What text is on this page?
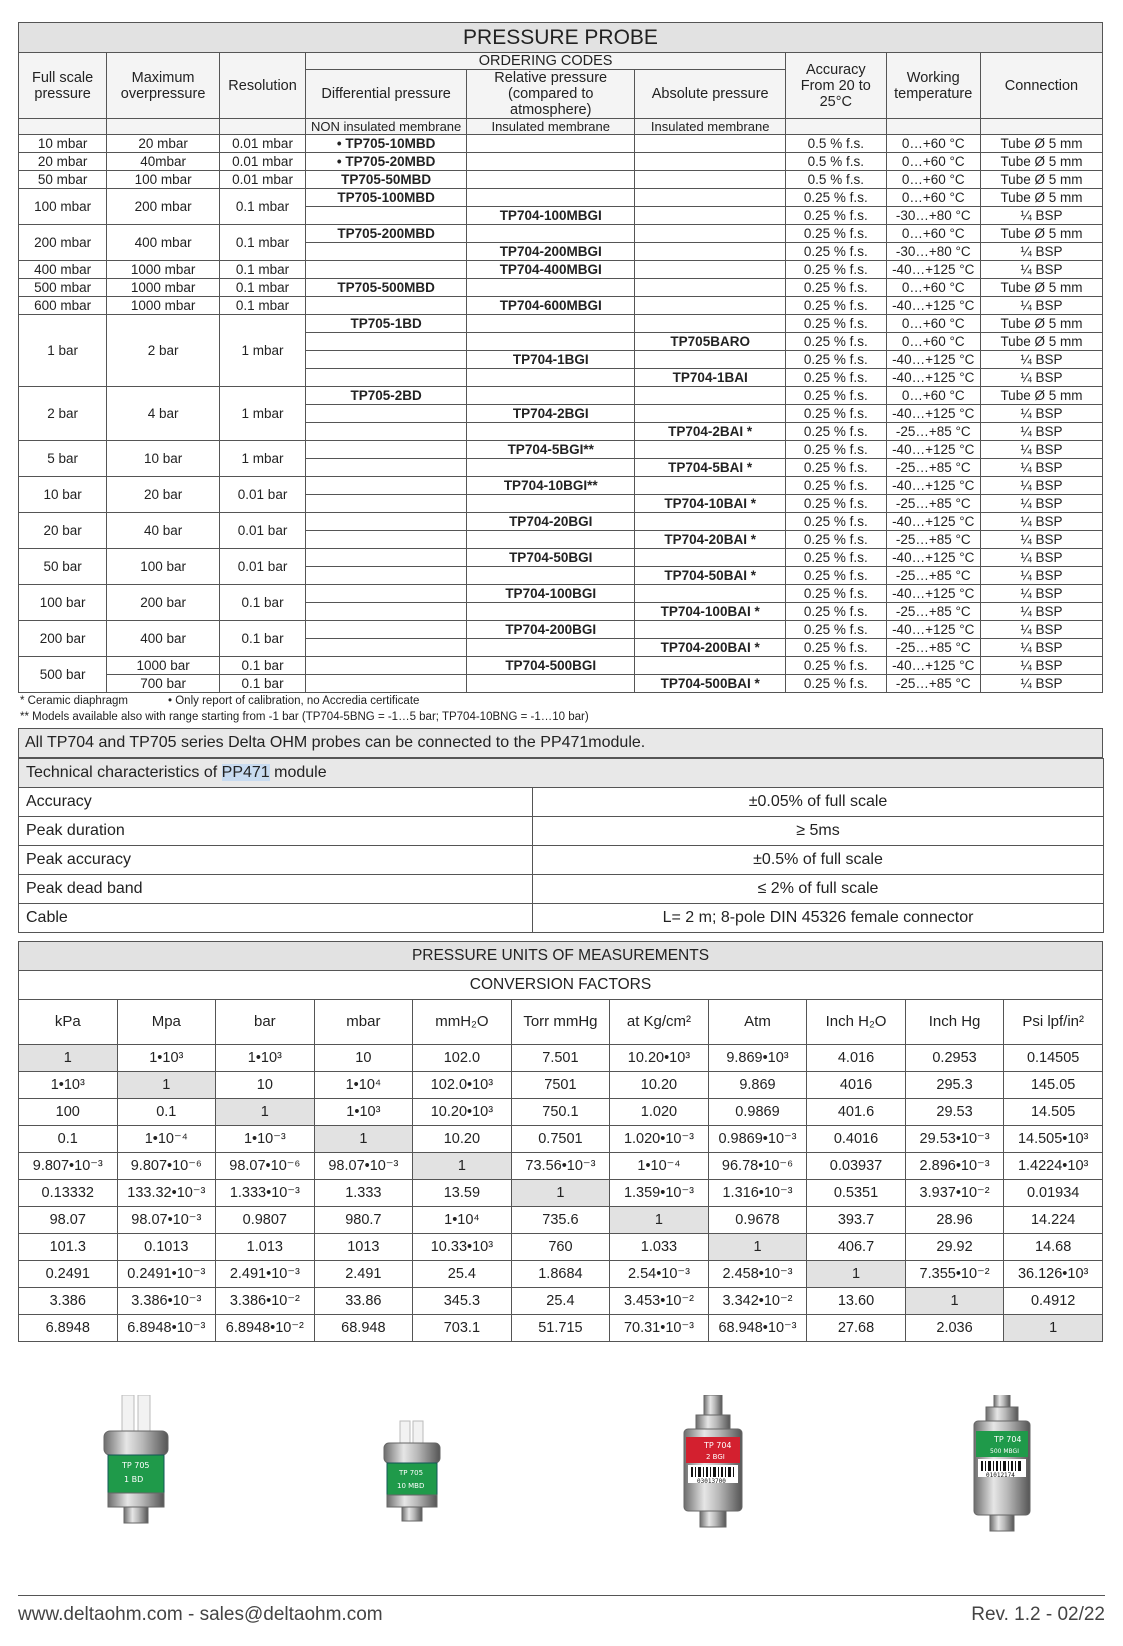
PRESSURE PROBE								
Full scale pressure	Maximum overpressure	Resolution	ORDERING CODES			Accuracy From 20 to 25°C	Working temperature	Connection
			Differential pressure	Relative pressure (compared to atmosphere)	Absolute pressure			
			NON insulated membrane	Insulated membrane	Insulated membrane			
10 mbar	20 mbar	0.01 mbar	• TP705-10MBD			0.5 % f.s.	0…+60 °C	Tube Ø 5 mm
20 mbar	40mbar	0.01 mbar	• TP705-20MBD			0.5 % f.s.	0…+60 °C	Tube Ø 5 mm
50 mbar	100 mbar	0.01 mbar	TP705-50MBD			0.5 % f.s.	0…+60 °C	Tube Ø 5 mm
100 mbar	200 mbar	0.1 mbar	TP705-100MBD			0.25 % f.s.	0…+60 °C	Tube Ø 5 mm
				TP704-100MBGI		0.25 % f.s.	-30…+80 °C	¼ BSP
200 mbar	400 mbar	0.1 mbar	TP705-200MBD			0.25 % f.s.	0…+60 °C	Tube Ø 5 mm
				TP704-200MBGI		0.25 % f.s.	-30…+80 °C	¼ BSP
400 mbar	1000 mbar	0.1 mbar		TP704-400MBGI		0.25 % f.s.	-40…+125 °C	¼ BSP
500 mbar	1000 mbar	0.1 mbar	TP705-500MBD			0.25 % f.s.	0…+60 °C	Tube Ø 5 mm
600 mbar	1000 mbar	0.1 mbar		TP704-600MBGI		0.25 % f.s.	-40…+125 °C	¼ BSP
1 bar	2 bar	1 mbar	TP705-1BD			0.25 % f.s.	0…+60 °C	Tube Ø 5 mm
					TP705BARO	0.25 % f.s.	0…+60 °C	Tube Ø 5 mm
				TP704-1BGI		0.25 % f.s.	-40…+125 °C	¼ BSP
					TP704-1BAI	0.25 % f.s.	-40…+125 °C	¼ BSP
2 bar	4 bar	1 mbar	TP705-2BD			0.25 % f.s.	0…+60 °C	Tube Ø 5 mm
				TP704-2BGI		0.25 % f.s.	-40…+125 °C	¼ BSP
					TP704-2BAI *	0.25 % f.s.	-25…+85 °C	¼ BSP
5 bar	10 bar	1 mbar		TP704-5BGI**		0.25 % f.s.	-40…+125 °C	¼ BSP
					TP704-5BAI *	0.25 % f.s.	-25…+85 °C	¼ BSP
10 bar	20 bar	0.01 bar		TP704-10BGI**		0.25 % f.s.	-40…+125 °C	¼ BSP
					TP704-10BAI *	0.25 % f.s.	-25…+85 °C	¼ BSP
20 bar	40 bar	0.01 bar		TP704-20BGI		0.25 % f.s.	-40…+125 °C	¼ BSP
					TP704-20BAI *	0.25 % f.s.	-25…+85 °C	¼ BSP
50 bar	100 bar	0.01 bar		TP704-50BGI		0.25 % f.s.	-40…+125 °C	¼ BSP
					TP704-50BAI *	0.25 % f.s.	-25…+85 °C	¼ BSP
100 bar	200 bar	0.1 bar		TP704-100BGI		0.25 % f.s.	-40…+125 °C	¼ BSP
					TP704-100BAI *	0.25 % f.s.	-25…+85 °C	¼ BSP
200 bar	400 bar	0.1 bar		TP704-200BGI		0.25 % f.s.	-40…+125 °C	¼ BSP
					TP704-200BAI *	0.25 % f.s.	-25…+85 °C	¼ BSP
500 bar	1000 bar	0.1 bar		TP704-500BGI		0.25 % f.s.	-40…+125 °C	¼ BSP
	700 bar	0.1 bar			TP704-500BAI *	0.25 % f.s.	-25…+85 °C	¼ BSP
* Ceramic diaphragm	• Only report of calibration, no Accredia certificate
** Models available also with range starting from -1 bar (TP704-5BNG = -1…5 bar; TP704-10BNG = -1…10 bar)
All TP704 and TP705 series Delta OHM probes can be connected to the PP471module.
Technical characteristics of PP471 module	
Accuracy	±0.05% of full scale
Peak duration	≥ 5ms
Peak accuracy	±0.5% of full scale
Peak dead band	≤ 2% of full scale
Cable	L= 2 m; 8-pole DIN 45326 female connector
PRESSURE UNITS OF MEASUREMENTS										
CONVERSION FACTORS										
kPa	Mpa	bar	mbar	mmH₂O	Torr mmHg	at Kg/cm²	Atm	Inch H₂O	Inch Hg	Psi lpf/in²
1	1•10³	1•10³	10	102.0	7.501	10.20•10³	9.869•10³	4.016	0.2953	0.14505
1•10³	1	10	1•10⁴	102.0•10³	7501	10.20	9.869	4016	295.3	145.05
100	0.1	1	1•10³	10.20•10³	750.1	1.020	0.9869	401.6	29.53	14.505
0.1	1•10⁻⁴	1•10⁻³	1	10.20	0.7501	1.020•10⁻³	0.9869•10⁻³	0.4016	29.53•10⁻³	14.505•10³
9.807•10⁻³	9.807•10⁻⁶	98.07•10⁻⁶	98.07•10⁻³	1	73.56•10⁻³	1•10⁻⁴	96.78•10⁻⁶	0.03937	2.896•10⁻³	1.4224•10³
0.13332	133.32•10⁻³	1.333•10⁻³	1.333	13.59	1	1.359•10⁻³	1.316•10⁻³	0.5351	3.937•10⁻²	0.01934
98.07	98.07•10⁻³	0.9807	980.7	1•10⁴	735.6	1	0.9678	393.7	28.96	14.224
101.3	0.1013	1.013	1013	10.33•10³	760	1.033	1	406.7	29.92	14.68
0.2491	0.2491•10⁻³	2.491•10⁻³	2.491	25.4	1.8684	2.54•10⁻³	2.458•10⁻³	1	7.355•10⁻²	36.126•10³
3.386	3.386•10⁻³	3.386•10⁻²	33.86	345.3	25.4	3.453•10⁻²	3.342•10⁻²	13.60	1	0.4912
6.8948	6.8948•10⁻³	6.8948•10⁻²	68.948	703.1	51.715	70.31•10⁻³	68.948•10⁻³	27.68	2.036	1
TP 705
1 BD
TP 705
10 MBD
TP 704
2 BGI
03013700
TP 704
500 MBGI
01012174
www.deltaohm.com - sales@deltaohm.com	Rev. 1.2 - 02/22
